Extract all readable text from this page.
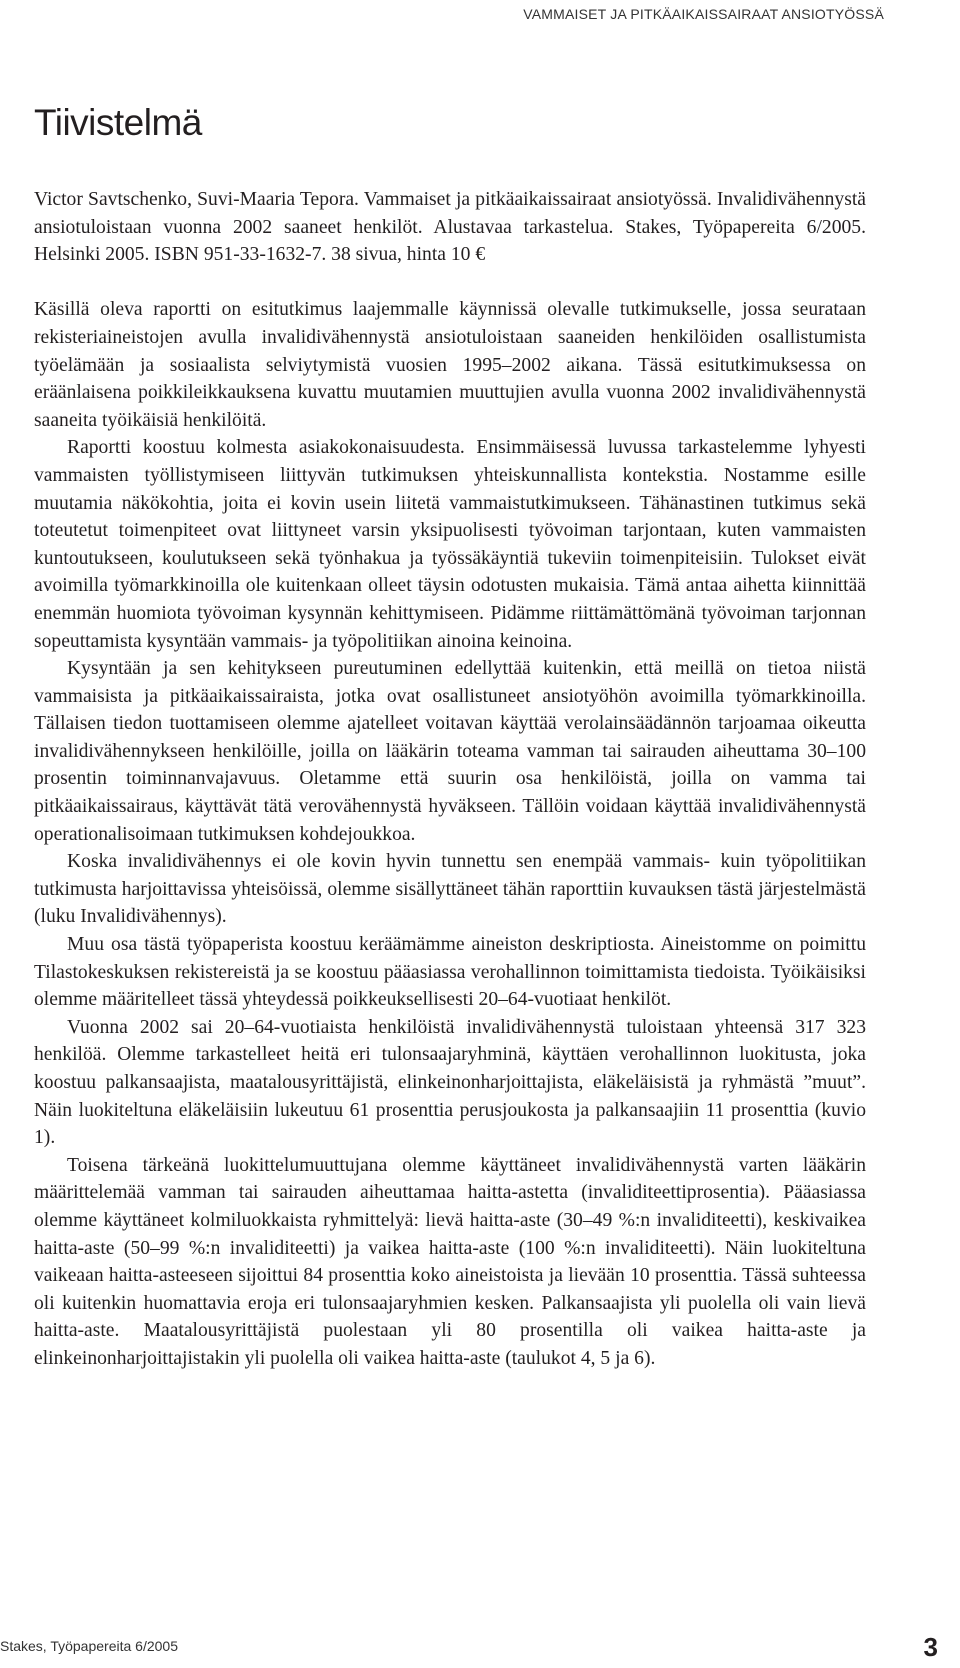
VAMMAISET JA PITKÄAIKAISSAIRAAT ANSIOTYÖSSÄ
Tiivistelmä

Victor Savtschenko, Suvi-Maaria Tepora. Vammaiset ja pitkäaikaissairaat ansiotyössä. Invalidivähennystä ansiotuloistaan vuonna 2002 saaneet henkilöt. Alustavaa tarkastelua. Stakes, Työpapereita 6/2005. Helsinki 2005. ISBN 951-33-1632-7. 38 sivua, hinta 10 €

Käsillä oleva raportti on esitutkimus laajemmalle käynnissä olevalle tutkimukselle, jossa seurataan rekisteriaineistojen avulla invalidivähennystä ansiotuloistaan saaneiden henkilöiden osallistumista työelämään ja sosiaalista selviytymistä vuosien 1995–2002 aikana. Tässä esitutkimuksessa on eräänlaisena poikkileikkauksena kuvattu muutamien muuttujien avulla vuonna 2002 invalidivähennystä saaneita työikäisiä henkilöitä.

Raportti koostuu kolmesta asiakokonaisuudesta. Ensimmäisessä luvussa tarkastelemme lyhyesti vammaisten työllistymiseen liittyvän tutkimuksen yhteiskunnallista kontekstia. Nostamme esille muutamia näkökohtia, joita ei kovin usein liitetä vammaistutkimukseen. Tähänastinen tutkimus sekä toteutetut toimenpiteet ovat liittyneet varsin yksipuolisesti työvoiman tarjontaan, kuten vammaisten kuntoutukseen, koulutukseen sekä työnhakua ja työssäkäyntiä tukeviin toimenpiteisiin. Tulokset eivät avoimilla työmarkkinoilla ole kuitenkaan olleet täysin odotusten mukaisia. Tämä antaa aihetta kiinnittää enemmän huomiota työvoiman kysynnän kehittymiseen. Pidämme riittämättömänä työvoiman tarjonnan sopeuttamista kysyntään vammais- ja työpolitiikan ainoina keinoina.

Kysyntään ja sen kehitykseen pureutuminen edellyttää kuitenkin, että meillä on tietoa niistä vammaisista ja pitkäaikaissairaista, jotka ovat osallistuneet ansiotyöhön avoimilla työmarkkinoilla. Tällaisen tiedon tuottamiseen olemme ajatelleet voitavan käyttää verolainsäädännön tarjoamaa oikeutta invalidivähennykseen henkilöille, joilla on lääkärin toteama vamman tai sairauden aiheuttama 30–100 prosentin toiminnanvajavuus. Oletamme että suurin osa henkilöistä, joilla on vamma tai pitkäaikaissairaus, käyttävät tätä verovähennystä hyväkseen. Tällöin voidaan käyttää invalidivähennystä operationalisoimaan tutkimuksen kohdejoukkoa.

Koska invalidivähennys ei ole kovin hyvin tunnettu sen enempää vammais- kuin työpolitiikan tutkimusta harjoittavissa yhteisöissä, olemme sisällyttäneet tähän raporttiin kuvauksen tästä järjestelmästä (luku Invalidivähennys).

Muu osa tästä työpaperista koostuu keräämämme aineiston deskriptiosta. Aineistomme on poimittu Tilastokeskuksen rekistereistä ja se koostuu pääasiassa verohallinnon toimittamista tiedoista. Työikäisiksi olemme määritelleet tässä yhteydessä poikkeuksellisesti 20–64-vuotiaat henkilöt.

Vuonna 2002 sai 20–64-vuotiaista henkilöistä invalidivähennystä tuloistaan yhteensä 317 323 henkilöä. Olemme tarkastelleet heitä eri tulonsaajaryhminä, käyttäen verohallinnon luokitusta, joka koostuu palkansaajista, maatalousyrittäjistä, elinkeinonharjoittajista, eläkeläisistä ja ryhmästä ”muut”. Näin luokiteltuna eläkeläisiin lukeutuu 61 prosenttia perusjoukosta ja palkansaajiin 11 prosenttia (kuvio 1).

Toisena tärkeänä luokittelumuuttujana olemme käyttäneet invalidivähennystä varten lääkärin määrittelemää vamman tai sairauden aiheuttamaa haitta-astetta (invaliditeettiprosentia). Pääasiassa olemme käyttäneet kolmiluokkaista ryhmittelyä: lievä haitta-aste (30–49 %:n invaliditeetti), keskivaikea haitta-aste (50–99 %:n invaliditeetti) ja vaikea haitta-aste (100 %:n invaliditeetti). Näin luokiteltuna vaikeaan haitta-asteeseen sijoittui 84 prosenttia koko aineistoista ja lievään 10 prosenttia. Tässä suhteessa oli kuitenkin huomattavia eroja eri tulonsaajaryhmien kesken. Palkansaajista yli puolella oli vain lievä haitta-aste. Maatalousyrittäjistä puolestaan yli 80 prosentilla oli vaikea haitta-aste ja elinkeinonharjoittajistakin yli puolella oli vaikea haitta-aste (taulukot 4, 5 ja 6).

Stakes, Työpapereita 6/2005	3
